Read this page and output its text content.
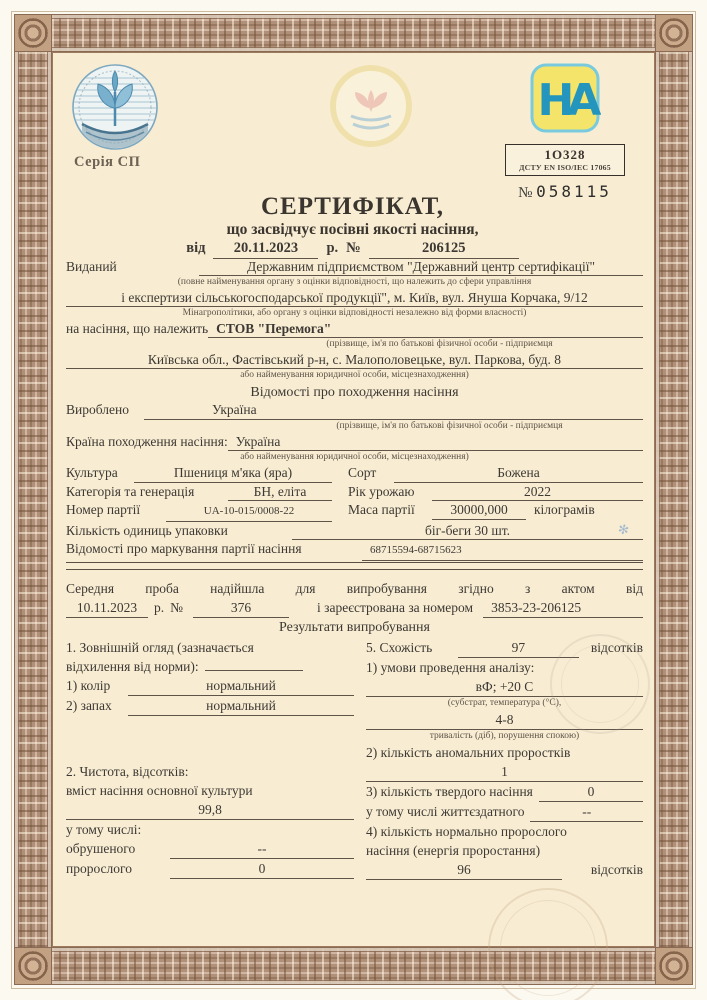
Серія СП
НА
1О328
ДСТУ EN ISO/IEC 17065
№ 058115
СЕРТИФІКАТ,
що засвідчує посівні якості насіння,
від	20.11.2023	р. №	206125
Виданий	Державним підприємством "Державний центр сертифікації"
(повне найменування органу з оцінки відповідності, що належить до сфери управління
і експертизи сільськогосподарської продукції", м. Київ, вул. Януша Корчака, 9/12
Мінагрополітики, або органу з оцінки відповідності незалежно від форми власності)
на насіння, що належить СТОВ "Перемога"
(прізвище, ім'я по батькові фізичної особи - підприємця
Київська обл., Фастівський р-н, с. Малополовецьке, вул. Паркова, буд. 8
або найменування юридичної особи, місцезнаходження)
Відомості про походження насіння
Вироблено	Україна
(прізвище, ім'я по батькові фізичної особи - підприємця
Країна походження насіння: Україна
або найменування юридичної особи, місцезнаходження)
Культура	Пшениця м'яка (яра)	Сорт	Божена
Категорія та генерація	БН, еліта	Рік урожаю	2022
Номер партії	UA-10-015/0008-22	Маса партії	30000,000	кілограмів
Кількість одиниць упаковки	біг-беги 30 шт.
Відомості про маркування партії насіння	68715594-68715623
Середня проба надійшла для випробування згідно з актом від
10.11.2023	р. №	376	і зареєстрована за номером	3853-23-206125
Результати випробування
1. Зовнішній огляд (зазначається
відхилення від норми):
1) колір	нормальний
2) запах	нормальний
2. Чистота, відсотків:
вміст насіння основної культури
99,8
у тому числі:
обрушеного	--
пророслого	0
5. Схожість	97	відсотків
1) умови проведення аналізу:
вФ; +20 С
(субстрат, температура (°С),
4-8
тривалість (діб), порушення спокою)
2) кількість аномальних проростків
1
3) кількість твердого насіння	0
у тому числі життєздатного	--
4) кількість нормально пророслого
насіння (енергія проростання)
96	відсотків
✻
